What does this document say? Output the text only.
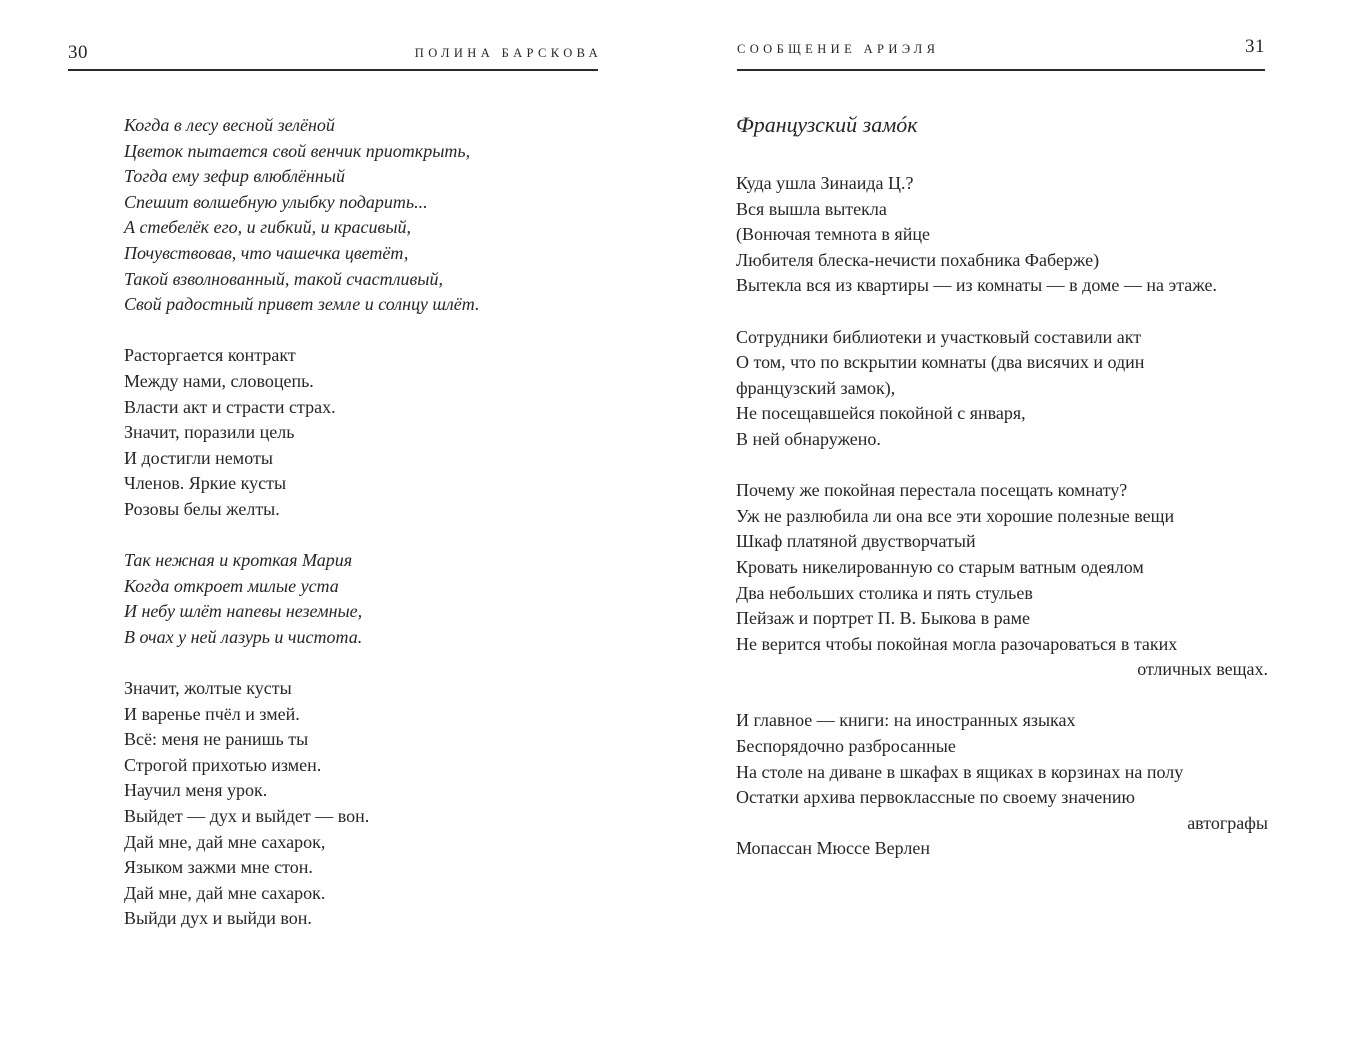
30	ПОЛИНА БАРСКОВА
Когда в лесу весной зелёной
Цветок пытается свой венчик приоткрыть,
Тогда ему зефир влюблённый
Спешит волшебную улыбку подарить...
А стебелёк его, и гибкий, и красивый,
Почувствовав, что чашечка цветёт,
Такой взволнованный, такой счастливый,
Свой радостный привет земле и солнцу шлёт.
Расторгается контракт
Между нами, словоцепь.
Власти акт и страсти страх.
Значит, поразили цель
И достигли немоты
Членов. Яркие кусты
Розовы белы желты.
Так нежная и кроткая Мария
Когда откроет милые уста
И небу шлёт напевы неземные,
В очах у ней лазурь и чистота.
Значит, жолтые кусты
И варенье пчёл и змей.
Всё: меня не ранишь ты
Строгой прихотью измен.
Научил меня урок.
Выйдет — дух и выйдет — вон.
Дай мне, дай мне сахарок,
Языком зажми мне стон.
Дай мне, дай мне сахарок.
Выйди дух и выйди вон.
СООБЩЕНИЕ АРИЭЛЯ	31
Французский замóк
Куда ушла Зинаида Ц.?
Вся вышла вытекла
(Вонючая темнота в яйце
Любителя блеска-нечисти похабника Фаберже)
Вытекла вся из квартиры — из комнаты — в доме — на этаже.
Сотрудники библиотеки и участковый составили акт
О том, что по вскрытии комнаты (два висячих и один
французский замок),
Не посещавшейся покойной с января,
В ней обнаружено.
Почему же покойная перестала посещать комнату?
Уж не разлюбила ли она все эти хорошие полезные вещи
Шкаф платяной двустворчатый
Кровать никелированную со старым ватным одеялом
Два небольших столика и пять стульев
Пейзаж и портрет П. В. Быкова в раме
Не верится чтобы покойная могла разочароваться в таких
отличных вещах.
И главное — книги: на иностранных языках
Беспорядочно разбросанные
На столе на диване в шкафах в ящиках в корзинах на полу
Остатки архива первоклассные по своему значению
автографы
Мопассан Мюссе Верлен
